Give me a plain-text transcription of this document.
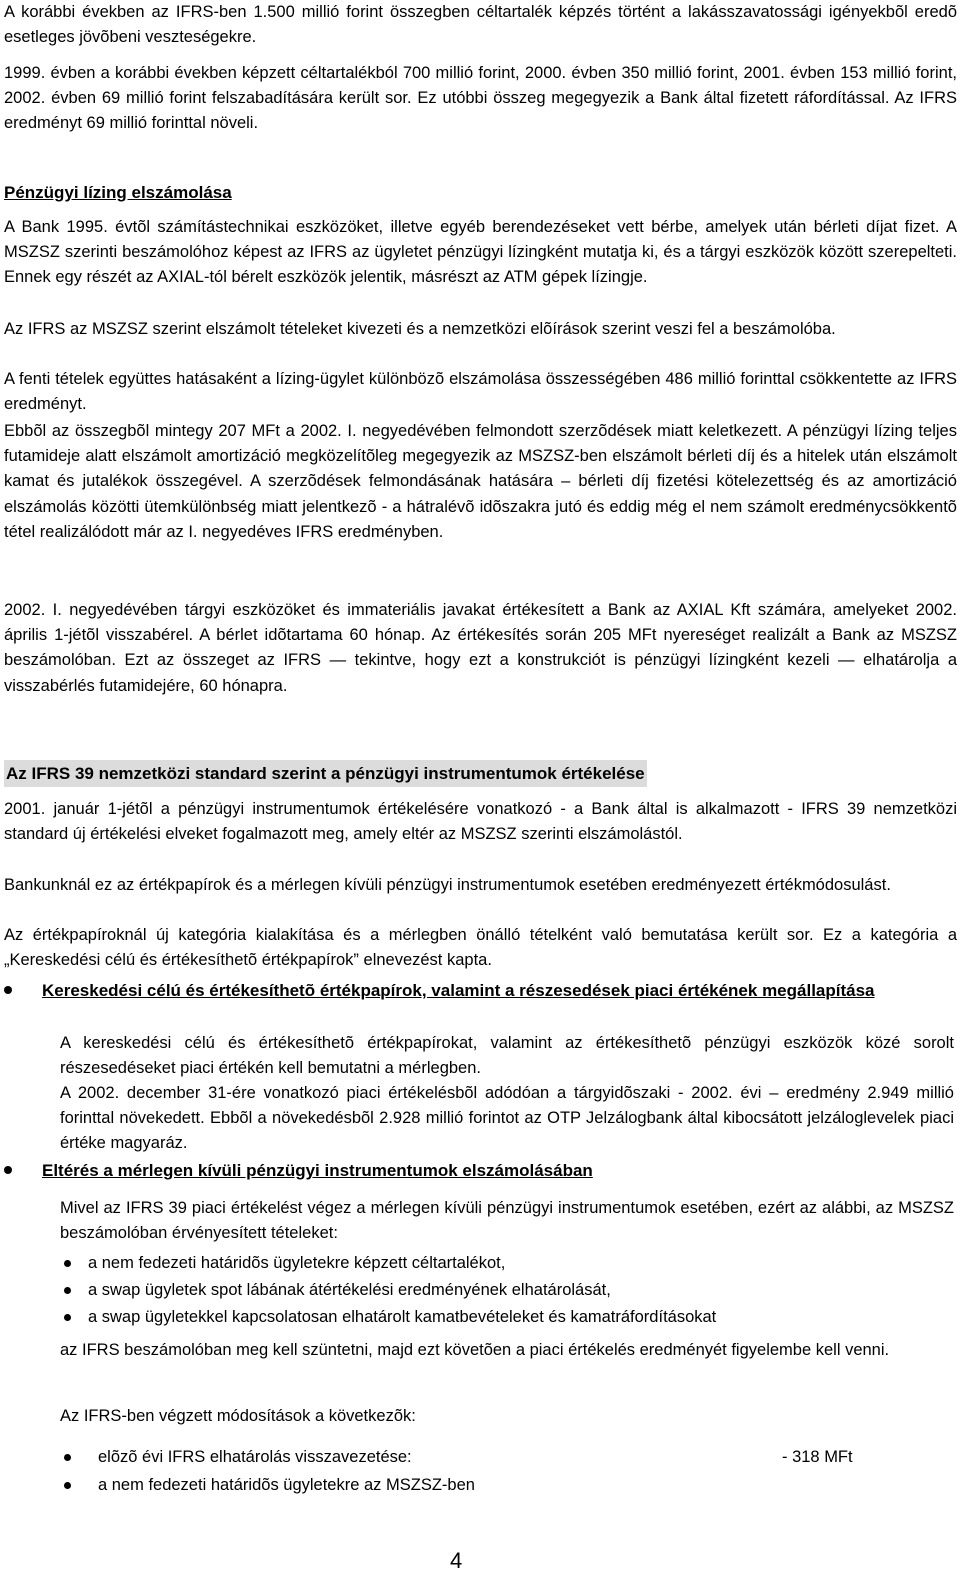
A korábbi években az IFRS-ben 1.500 millió forint összegben céltartalék képzés történt a lakásszavatossági igényekbõl eredõ esetleges jövõbeni veszteségekre.

1999. évben a korábbi években képzett céltartalékból 700 millió forint, 2000. évben 350 millió forint, 2001. évben 153 millió forint, 2002. évben 69 millió forint felszabadítására került sor. Ez utóbbi összeg megegyezik a Bank által fizetett ráfordítással. Az IFRS eredményt 69 millió forinttal növeli.

Pénzügyi lízing elszámolása

A Bank 1995. évtõl számítástechnikai eszközöket, illetve egyéb berendezéseket vett bérbe, amelyek után bérleti díjat fizet. A MSZSZ szerinti beszámolóhoz képest az IFRS az ügyletet pénzügyi lízingként mutatja ki, és a tárgyi eszközök között szerepelteti. Ennek egy részét az AXIAL-tól bérelt eszközök jelentik, másrészt az ATM gépek lízingje.

Az IFRS az MSZSZ szerint elszámolt tételeket kivezeti és a nemzetközi elõírások szerint veszi fel a beszámolóba.

A fenti tételek együttes hatásaként a lízing-ügylet különbözõ elszámolása összességében 486 millió forinttal csökkentette az IFRS eredményt.

Ebbõl az összegbõl mintegy 207 MFt a 2002. I. negyedévében felmondott szerzõdések miatt keletkezett. A pénzügyi lízing teljes futamideje alatt elszámolt amortizáció megközelítõleg megegyezik az MSZSZ-ben elszámolt bérleti díj és a hitelek után elszámolt kamat és jutalékok összegével. A szerzõdések felmondásának hatására – bérleti díj fizetési kötelezettség és az amortizáció elszámolás közötti ütemkülönbség miatt jelentkezõ - a hátralévõ idõszakra jutó és eddig még el nem számolt eredménycsökkentõ tétel realizálódott már az I. negyedéves IFRS eredményben.

2002. I. negyedévében tárgyi eszközöket és immateriális javakat értékesített a Bank az AXIAL Kft számára, amelyeket 2002. április 1-jétõl visszabérel. A bérlet idõtartama 60 hónap. Az értékesítés során 205 MFt nyereséget realizált a Bank az MSZSZ beszámolóban. Ezt az összeget az IFRS — tekintve, hogy ezt a konstrukciót is pénzügyi lízingként kezeli — elhatárolja a visszabérlés futamidejére, 60 hónapra.

Az IFRS 39 nemzetközi standard szerint a pénzügyi instrumentumok értékelése

2001. január 1-jétõl a pénzügyi instrumentumok értékelésére vonatkozó - a Bank által is alkalmazott - IFRS 39 nemzetközi standard új értékelési elveket fogalmazott meg, amely eltér az MSZSZ szerinti elszámolástól.

Bankunknál ez az értékpapírok és a mérlegen kívüli pénzügyi instrumentumok esetében eredményezett értékmódosulást.

Az értékpapíroknál új kategória kialakítása és a mérlegben önálló tételként való bemutatása került sor. Ez a kategória a „Kereskedési célú és értékesíthetõ értékpapírok” elnevezést kapta.

Kereskedési célú és értékesíthetõ értékpapírok, valamint a részesedések piaci értékének megállapítása

A kereskedési célú és értékesíthetõ értékpapírokat, valamint az értékesíthetõ pénzügyi eszközök közé sorolt részesedéseket piaci értékén kell bemutatni a mérlegben.

A 2002. december 31-ére vonatkozó piaci értékelésbõl adódóan a tárgyidõszaki - 2002. évi – eredmény 2.949 millió forinttal növekedett. Ebbõl a növekedésbõl 2.928 millió forintot az OTP Jelzálogbank által kibocsátott jelzáloglevelek piaci értéke magyaráz.

Eltérés a mérlegen kívüli pénzügyi instrumentumok elszámolásában

Mivel az IFRS 39 piaci értékelést végez a mérlegen kívüli pénzügyi instrumentumok esetében, ezért az alábbi, az MSZSZ beszámolóban érvényesített tételeket:

a nem fedezeti határidõs ügyletekre képzett céltartalékot,
a swap ügyletek spot lábának átértékelési eredményének elhatárolását,
a swap ügyletekkel kapcsolatosan elhatárolt kamatbevételeket és kamatráfordításokat

az IFRS beszámolóban meg kell szüntetni, majd ezt követõen a piaci értékelés eredményét figyelembe kell venni.

Az IFRS-ben végzett módosítások a következõk:

elõzõ évi IFRS elhatárolás visszavezetése:	- 318 MFt
a nem fedezeti határidõs ügyletekre az MSZSZ-ben
4
